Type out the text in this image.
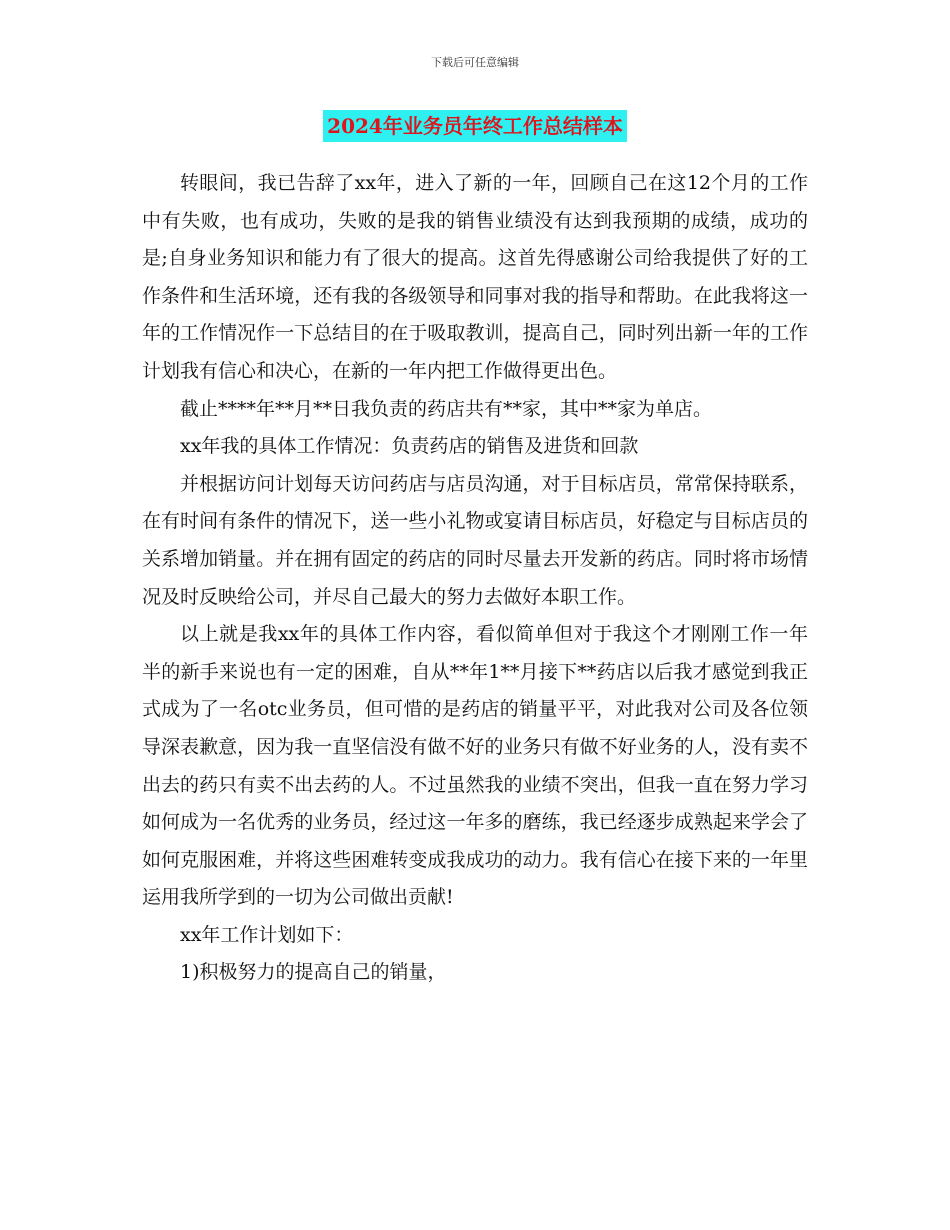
下载后可任意编辑
2024年业务员年终工作总结样本

转眼间，我已告辞了xx年，进入了新的一年，回顾自己在这12个月的工作中有失败，也有成功，失败的是我的销售业绩没有达到我预期的成绩，成功的是;自身业务知识和能力有了很大的提高。这首先得感谢公司给我提供了好的工作条件和生活环境，还有我的各级领导和同事对我的指导和帮助。在此我将这一年的工作情况作一下总结目的在于吸取教训，提高自己，同时列出新一年的工作计划我有信心和决心，在新的一年内把工作做得更出色。

截止****年**月**日我负责的药店共有**家，其中**家为单店。

xx年我的具体工作情况：负责药店的销售及进货和回款

并根据访问计划每天访问药店与店员沟通，对于目标店员，常常保持联系，在有时间有条件的情况下，送一些小礼物或宴请目标店员，好稳定与目标店员的关系增加销量。并在拥有固定的药店的同时尽量去开发新的药店。同时将市场情况及时反映给公司，并尽自己最大的努力去做好本职工作。

以上就是我xx年的具体工作内容，看似简单但对于我这个才刚刚工作一年半的新手来说也有一定的困难，自从**年1**月接下**药店以后我才感觉到我正式成为了一名otc业务员，但可惜的是药店的销量平平，对此我对公司及各位领导深表歉意，因为我一直坚信没有做不好的业务只有做不好业务的人，没有卖不出去的药只有卖不出去药的人。不过虽然我的业绩不突出，但我一直在努力学习如何成为一名优秀的业务员，经过这一年多的磨练，我已经逐步成熟起来学会了如何克服困难，并将这些困难转变成我成功的动力。我有信心在接下来的一年里运用我所学到的一切为公司做出贡献!

xx年工作计划如下：

1)积极努力的提高自己的销量，
